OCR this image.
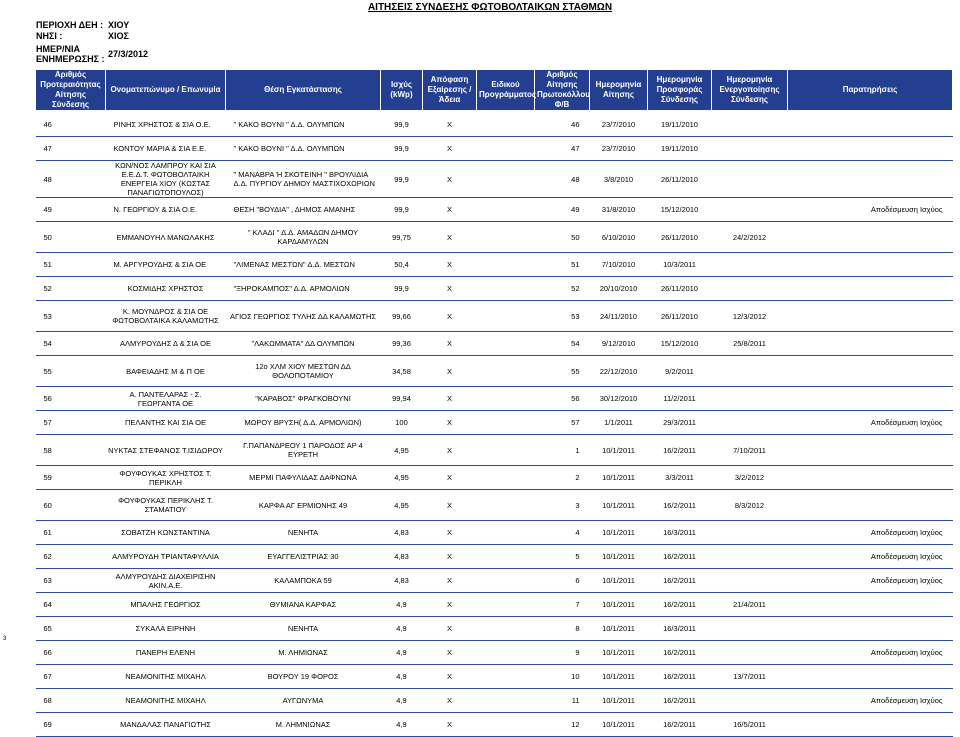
ΑΙΤΗΣΕΙΣ ΣΥΝΔΕΣΗΣ ΦΩΤΟΒΟΛΤΑΙΚΩΝ ΣΤΑΘΜΩΝ
ΠΕΡΙΟΧΗ ΔΕΗ : ΧΙΟΥ
ΝΗΣΙ :	ΧΙΟΣ
ΗΜΕΡ/ΝΙΑ
ΕΝΗΜΕΡΩΣΗΣ : 27/3/2012
Αριθμός Προτεραιότητας Αίτησης Σύνδεσης	Ονοματεπώνυμο / Επωνυμία	Θέση Εγκατάστασης	Ισχύς (kWp)	Απόφαση Εξαίρεσης / Άδεια	Ειδικού Προγράμματος	Αριθμός Αίτησης Πρωτοκόλλου Φ/Β	Ημερομηνία Αίτησης	Ημερομηνία Προσφοράς Σύνδεσης	Ημερομηνία Ενεργοποίησης Σύνδεσης	Παρατηρήσεις

46	ΡΙΝΗΣ ΧΡΗΣΤΟΣ & ΣΙΑ Ο.Ε.	" ΚΑΚΟ ΒΟΥΝΙ " Δ.Δ. ΟΛΥΜΠΩΝ	99,9	Χ		46	23/7/2010	19/11/2010		
47	ΚΟΝΤΟΥ ΜΑΡΙΑ & ΣΙΑ Ε.Ε.	" ΚΑΚΟ ΒΟΥΝΙ " Δ.Δ. ΟΛΥΜΠΩΝ	99,9	Χ		47	23/7/2010	19/11/2010		
48	ΚΩΝ/ΝΟΣ ΛΑΜΠΡΟΥ ΚΑΙ ΣΙΑ Ε.Ε.Δ.Τ. ΦΩΤΟΒΟΛΤΑΙΚΗ ΕΝΕΡΓΕΙΑ ΧΙΟΥ (ΚΩΣΤΑΣ ΠΑΝΑΓΙΩΤΟΠΟΥΛΟΣ)	" ΜΑΝΑΒΡΑ Ή ΣΚΟΤΕΙΝΗ " ΒΡΟΥΛΙΔΙΑ Δ.Δ. ΠΥΡΓΙΟΥ ΔΗΜΟΥ ΜΑΣΤΙΧΟΧΩΡΙΩΝ	99,9	Χ		48	3/8/2010	26/11/2010		
49	Ν. ΓΕΩΡΓΙΟΥ & ΣΙΑ Ο.Ε.	ΘΕΣΗ "ΒΟΥΔΙΑ" , ΔΗΜΟΣ ΑΜΑΝΗΣ	99,9	Χ		49	31/8/2010	15/12/2010		Αποδέσμευση Ισχύος
50	ΕΜΜΑΝΟΥΗΛ ΜΑΝΩΛΑΚΗΣ	" ΚΛΑΔΙ " Δ.Δ. ΑΜΑΔΩΝ ΔΗΜΟΥ ΚΑΡΔΑΜΥΛΩΝ	99,75	Χ		50	6/10/2010	26/11/2010	24/2/2012	
51	Μ. ΑΡΓΥΡΟΥΔΗΣ & ΣΙΑ ΟΕ	"ΛΙΜΕΝΑΣ ΜΕΣΤΩΝ" Δ.Δ. ΜΕΣΤΩΝ	50,4	Χ		51	7/10/2010	10/3/2011		
52	ΚΟΣΜΙΔΗΣ ΧΡΗΣΤΟΣ	"ΞΗΡΟΚΑΜΠΟΣ" Δ.Δ. ΑΡΜΟΛΙΩΝ	99,9	Χ		52	20/10/2010	26/11/2010		
53	Κ. ΜΟΥΝΔΡΟΣ & ΣΙΑ ΟΕ ΦΩΤΟΒΟΛΤΑΙΚΑ ΚΑΛΑΜΩΤΗΣ	ΑΓΙΟΣ ΓΕΩΡΓΙΟΣ ΤΥΛΗΣ ΔΔ ΚΑΛΑΜΩΤΗΣ	99,66	Χ		53	24/11/2010	26/11/2010	12/3/2012	
54	ΑΛΜΥΡΟΥΔΗΣ Δ & ΣΙΑ ΟΕ	"ΛΑΚΩΜΜΑΤΑ" ΔΔ ΟΛΥΜΠΩΝ	99,36	Χ		54	9/12/2010	15/12/2010	25/8/2011	
55	ΒΑΦΕΙΑΔΗΣ Μ & Π ΟΕ	12ο ΧΛΜ ΧΙΟΥ ΜΕΣΤΩΝ ΔΔ ΘΟΛΟΠΟΤΑΜΙΟΥ	34,58	Χ		55	22/12/2010	9/2/2011		
56	Α. ΠΑΝΤΕΛΑΡΑΣ - Σ. ΓΕΩΡΓΑΝΤΑ ΟΕ	"ΚΑΡΑΒΟΣ" ΦΡΑΓΚΟΒΟΥΝΙ	99,94	Χ		56	30/12/2010	11/2/2011		
57	ΠΕΛΑΝΤΗΣ ΚΑΙ ΣΙΑ ΟΕ	ΜΩΡΟΥ ΒΡΥΣΗ( Δ.Δ. ΑΡΜΟΛΙΩΝ)	100	Χ		57	1/1/2011	29/3/2011		Αποδέσμευση Ισχύος
58	ΝΥΚΤΑΣ ΣΤΕΦΑΝΟΣ Τ.ΙΣΙΔΩΡΟΥ	Γ.ΠΑΠΑΝΔΡΕΟΥ 1 ΠΑΡΟΔΟΣ ΑΡ 4 ΕΥΡΕΤΗ	4,95	Χ		1	10/1/2011	16/2/2011	7/10/2011	
59	ΦΟΥΦΟΥΚΑΣ ΧΡΗΣΤΟΣ Τ. ΠΕΡΙΚΛΗ	ΜΕΡΜΙ ΠΑΦΥΛΙΔΑΣ ΔΑΦΝΩΝΑ	4,95	Χ		2	10/1/2011	3/3/2011	3/2/2012	
60	ΦΟΥΦΟΥΚΑΣ ΠΕΡΙΚΛΗΣ Τ. ΣΤΑΜΑΤΙΟΥ	ΚΑΡΦΑ ΑΓ ΕΡΜΙΟΝΗΣ 49	4,95	Χ		3	10/1/2011	16/2/2011	8/3/2012	
61	ΣΟΒΑΤΖΗ ΚΩΝΣΤΑΝΤΙΝΑ	ΝΕΝΗΤΑ	4,83	Χ		4	10/1/2011	16/3/2011		Αποδέσμευση Ισχύος
62	ΑΛΜΥΡΟΥΔΗ ΤΡΙΑΝΤΑΦΥΛΛΙΑ	ΕΥΑΓΓΕΛΙΣΤΡΙΑΣ 30	4,83	Χ		5	10/1/2011	16/2/2011		Αποδέσμευση Ισχύος
63	ΑΛΜΥΡΟΥΔΗΣ ΔΙΑΧΕΙΡΙΣΗΝ ΑΚΙΝ.Α.Ε.	ΚΑΛΑΜΠΟΚΑ 59	4,83	Χ		6	10/1/2011	16/2/2011		Αποδέσμευση Ισχύος
64	ΜΠΑΛΗΣ ΓΕΩΡΓΙΟΣ	ΘΥΜΙΑΝΑ ΚΑΡΦΑΣ	4,9	Χ		7	10/1/2011	16/2/2011	21/4/2011	
65	ΣΥΚΑΛΑ ΕΙΡΗΝΗ	ΝΕΝΗΤΑ	4,9	Χ		8	10/1/2011	16/3/2011		
66	ΠΑΝΕΡΗ ΕΛΕΝΗ	Μ. ΛΗΜΙΩΝΑΣ	4,9	Χ		9	10/1/2011	16/2/2011		Αποδέσμευση Ισχύος
67	ΝΕΑΜΟΝΙΤΗΣ ΜΙΧΑΗΛ	ΒΟΥΡΟΥ 19 ΦΟΡΟΣ	4,9	Χ		10	10/1/2011	16/2/2011	13/7/2011	
68	ΝΕΑΜΟΝΙΤΗΣ ΜΙΧΑΗΛ	ΑΥΓΩΝΥΜΑ	4,9	Χ		11	10/1/2011	16/2/2011		Αποδέσμευση Ισχύος
69	ΜΑΝΔΑΛΑΣ ΠΑΝΑΓΙΩΤΗΣ	Μ. ΛΗΜΝΙΩΝΑΣ	4,9	Χ		12	10/1/2011	16/2/2011	16/5/2011	
3
